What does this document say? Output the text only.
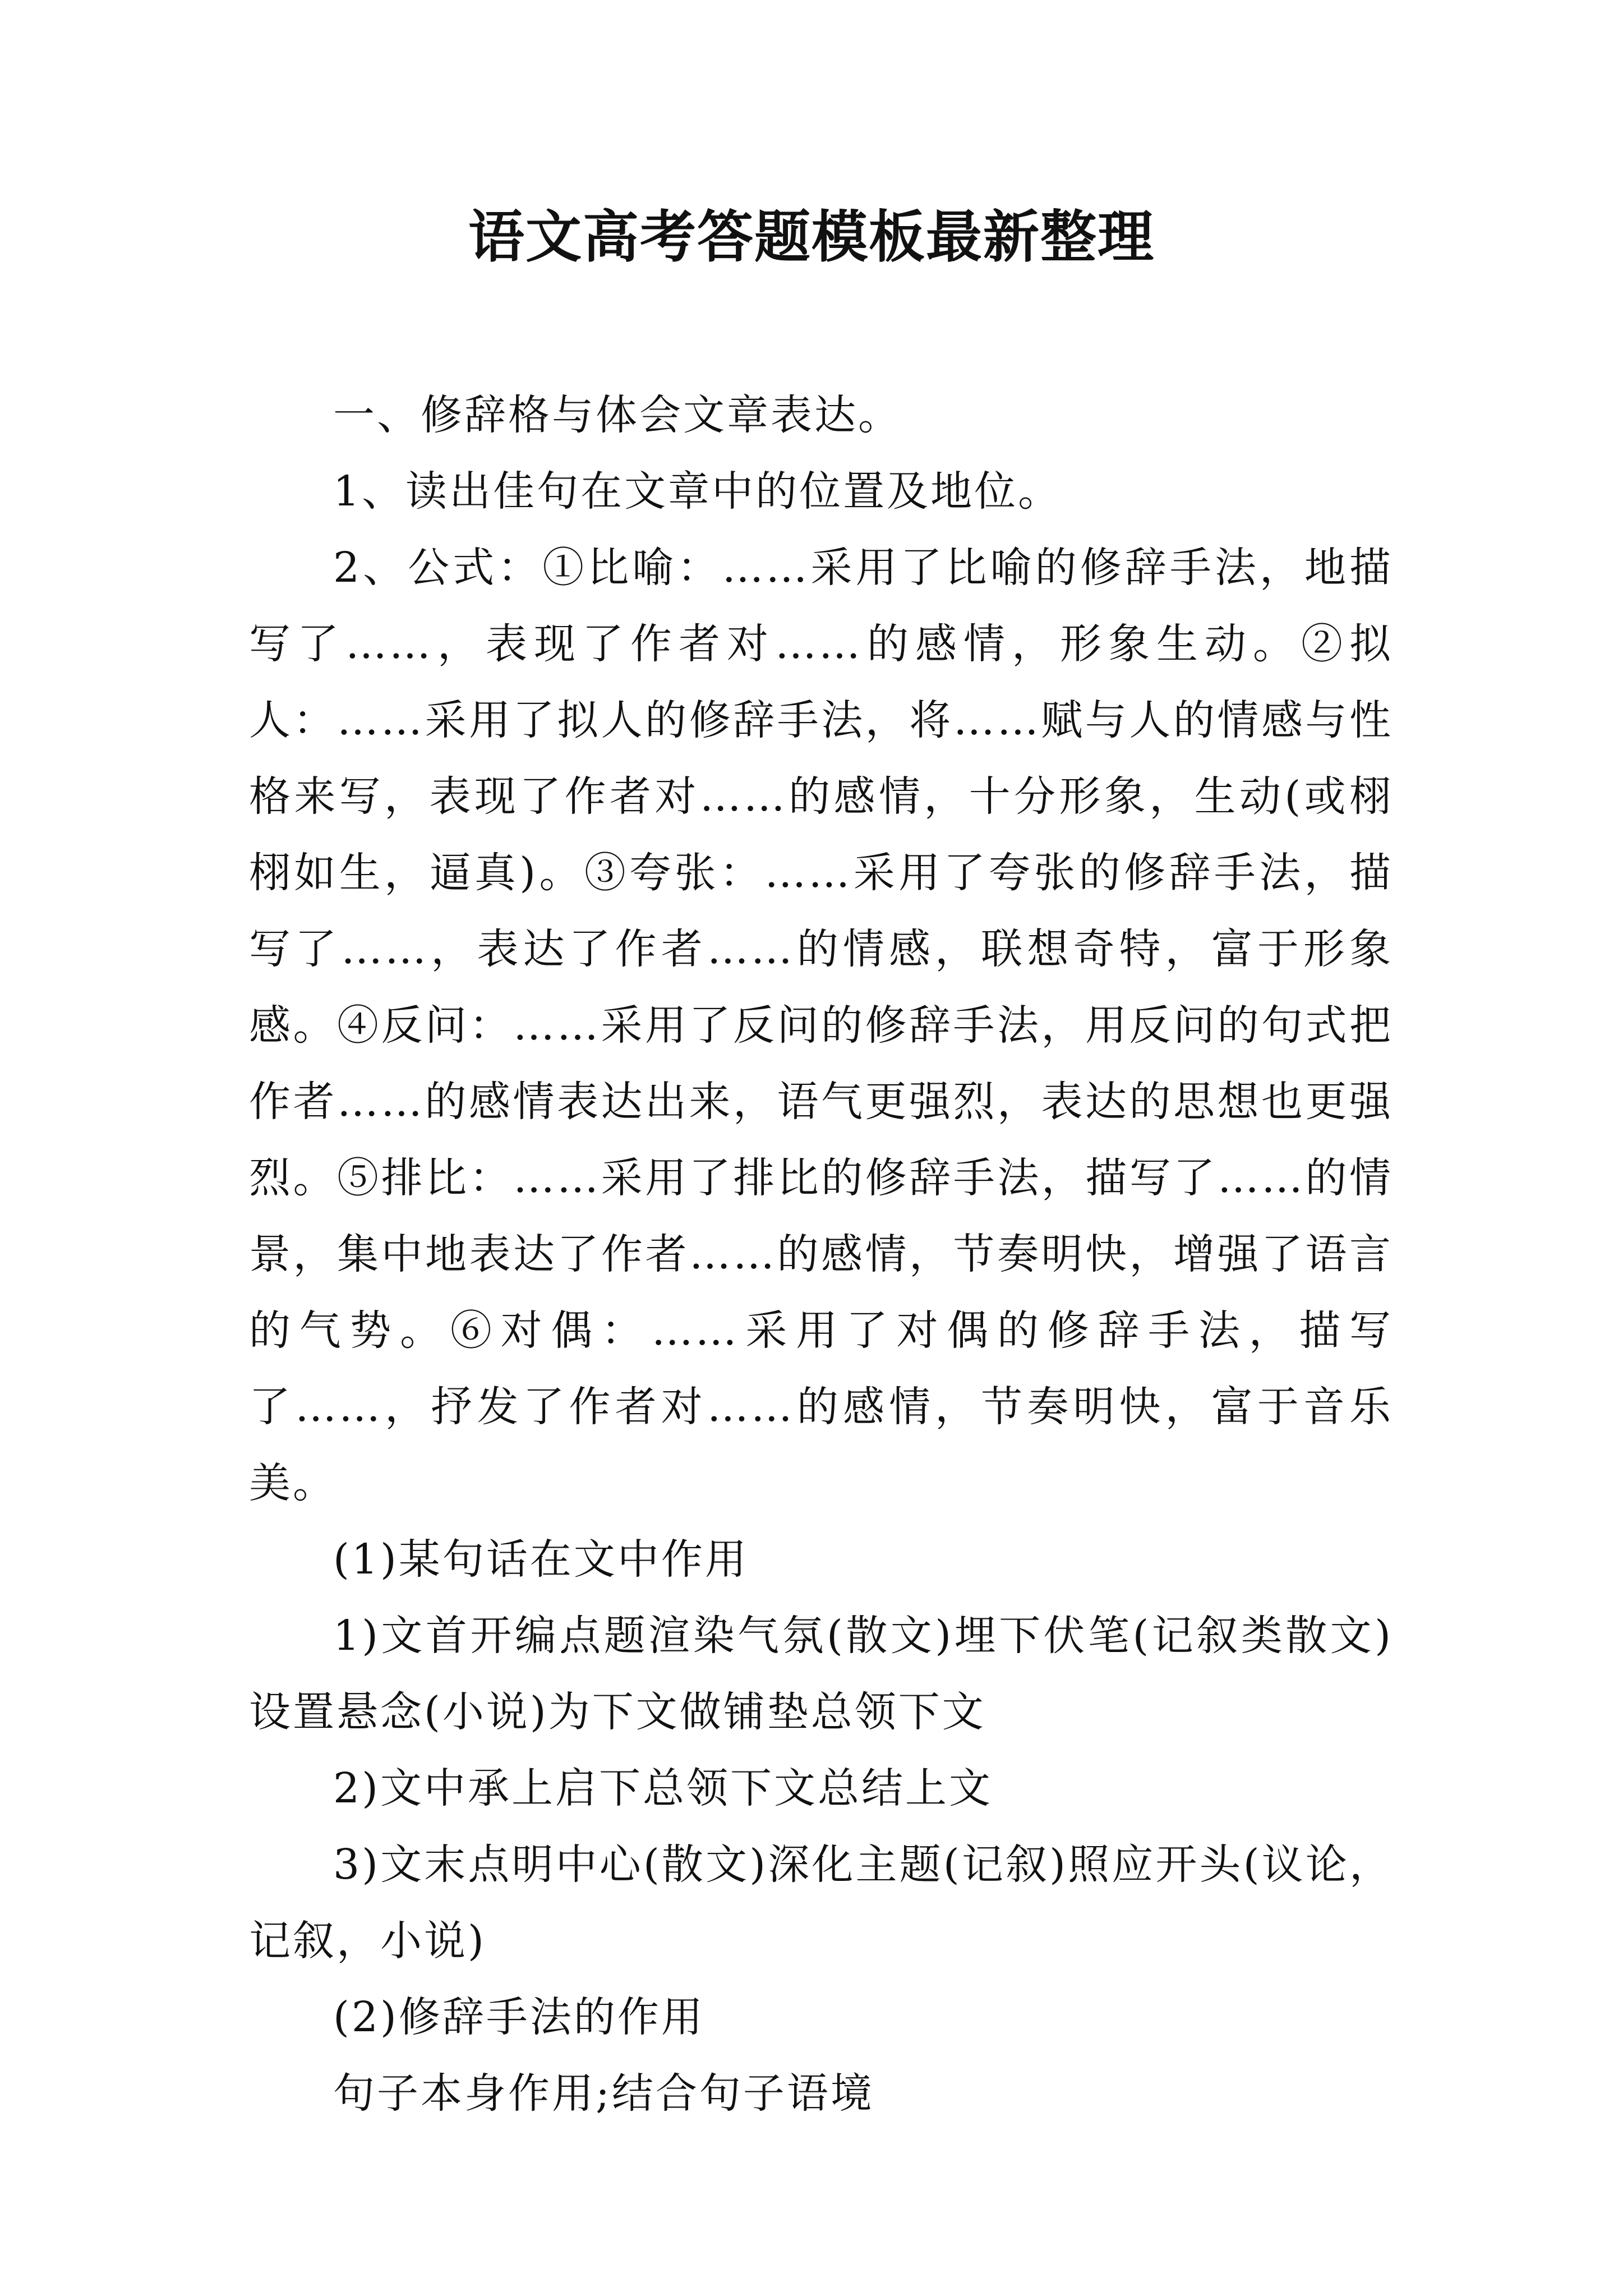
语文高考答题模板最新整理

一、修辞格与体会文章表达。

1、读出佳句在文章中的位置及地位。

2、公式：①比喻：……采用了比喻的修辞手法，地描写了……，表现了作者对……的感情，形象生动。②拟人：……采用了拟人的修辞手法，将……赋与人的情感与性格来写，表现了作者对……的感情，十分形象，生动(或栩栩如生，逼真)。③夸张：……采用了夸张的修辞手法，描写了……，表达了作者……的情感，联想奇特，富于形象感。④反问：……采用了反问的修辞手法，用反问的句式把作者……的感情表达出来，语气更强烈，表达的思想也更强烈。⑤排比：……采用了排比的修辞手法，描写了……的情景，集中地表达了作者……的感情，节奏明快，增强了语言的气势。⑥对偶：……采用了对偶的修辞手法，描写了……，抒发了作者对……的感情，节奏明快，富于音乐美。

(1)某句话在文中作用

1)文首开编点题渲染气氛(散文)埋下伏笔(记叙类散文)设置悬念(小说)为下文做铺垫总领下文

2)文中承上启下总领下文总结上文

3)文末点明中心(散文)深化主题(记叙)照应开头(议论，记叙，小说)

(2)修辞手法的作用

句子本身作用;结合句子语境
